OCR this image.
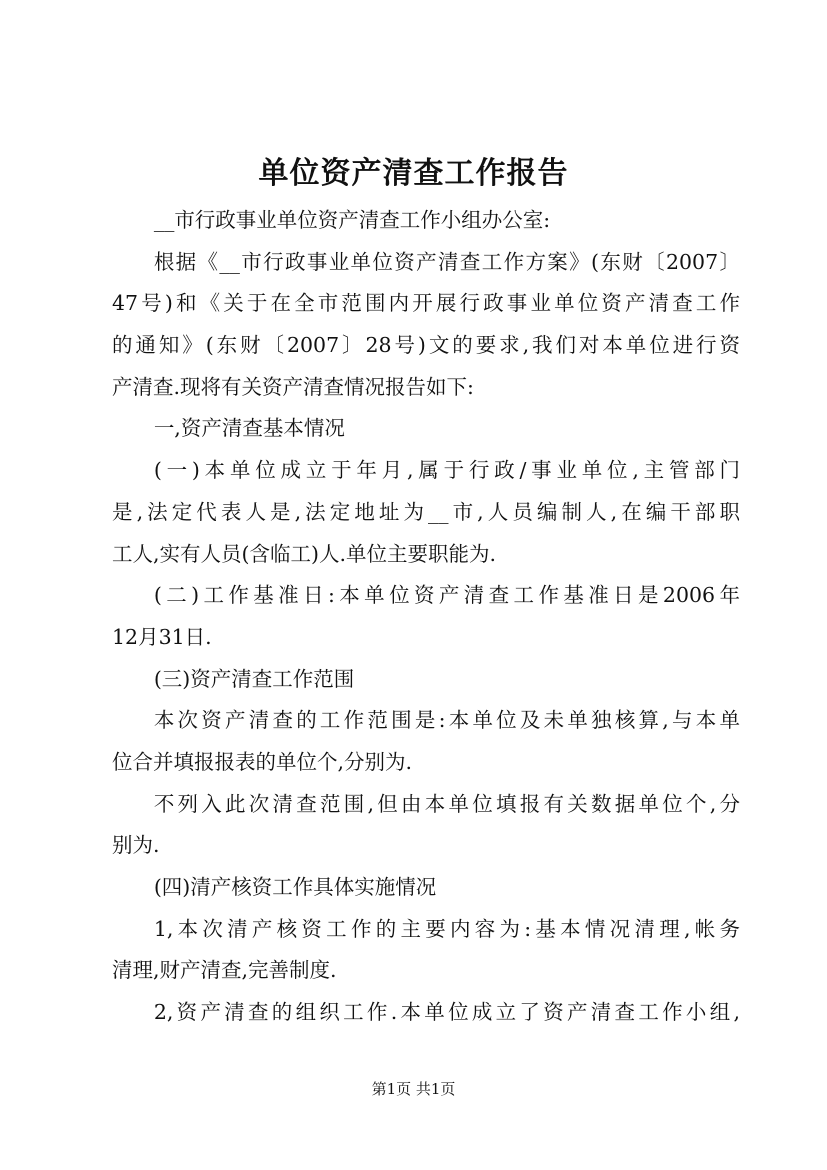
单位资产清查工作报告
__市行政事业单位资产清查工作小组办公室:
根据《__市行政事业单位资产清查工作方案》(东财〔2007〕
47号)和《关于在全市范围内开展行政事业单位资产清查工作
的通知》(东财〔2007〕28号)文的要求,我们对本单位进行资
产清查.现将有关资产清查情况报告如下:
一,资产清查基本情况
(一)本单位成立于年月,属于行政/事业单位,主管部门
是,法定代表人是,法定地址为__市,人员编制人,在编干部职
工人,实有人员(含临工)人.单位主要职能为.
(二)工作基准日:本单位资产清查工作基准日是2006年
12月31日.
(三)资产清查工作范围
本次资产清查的工作范围是:本单位及未单独核算,与本单
位合并填报报表的单位个,分别为.
不列入此次清查范围,但由本单位填报有关数据单位个,分
别为.
(四)清产核资工作具体实施情况
1,本次清产核资工作的主要内容为:基本情况清理,帐务
清理,财产清查,完善制度.
2,资产清查的组织工作.本单位成立了资产清查工作小组,
第1页 共1页
